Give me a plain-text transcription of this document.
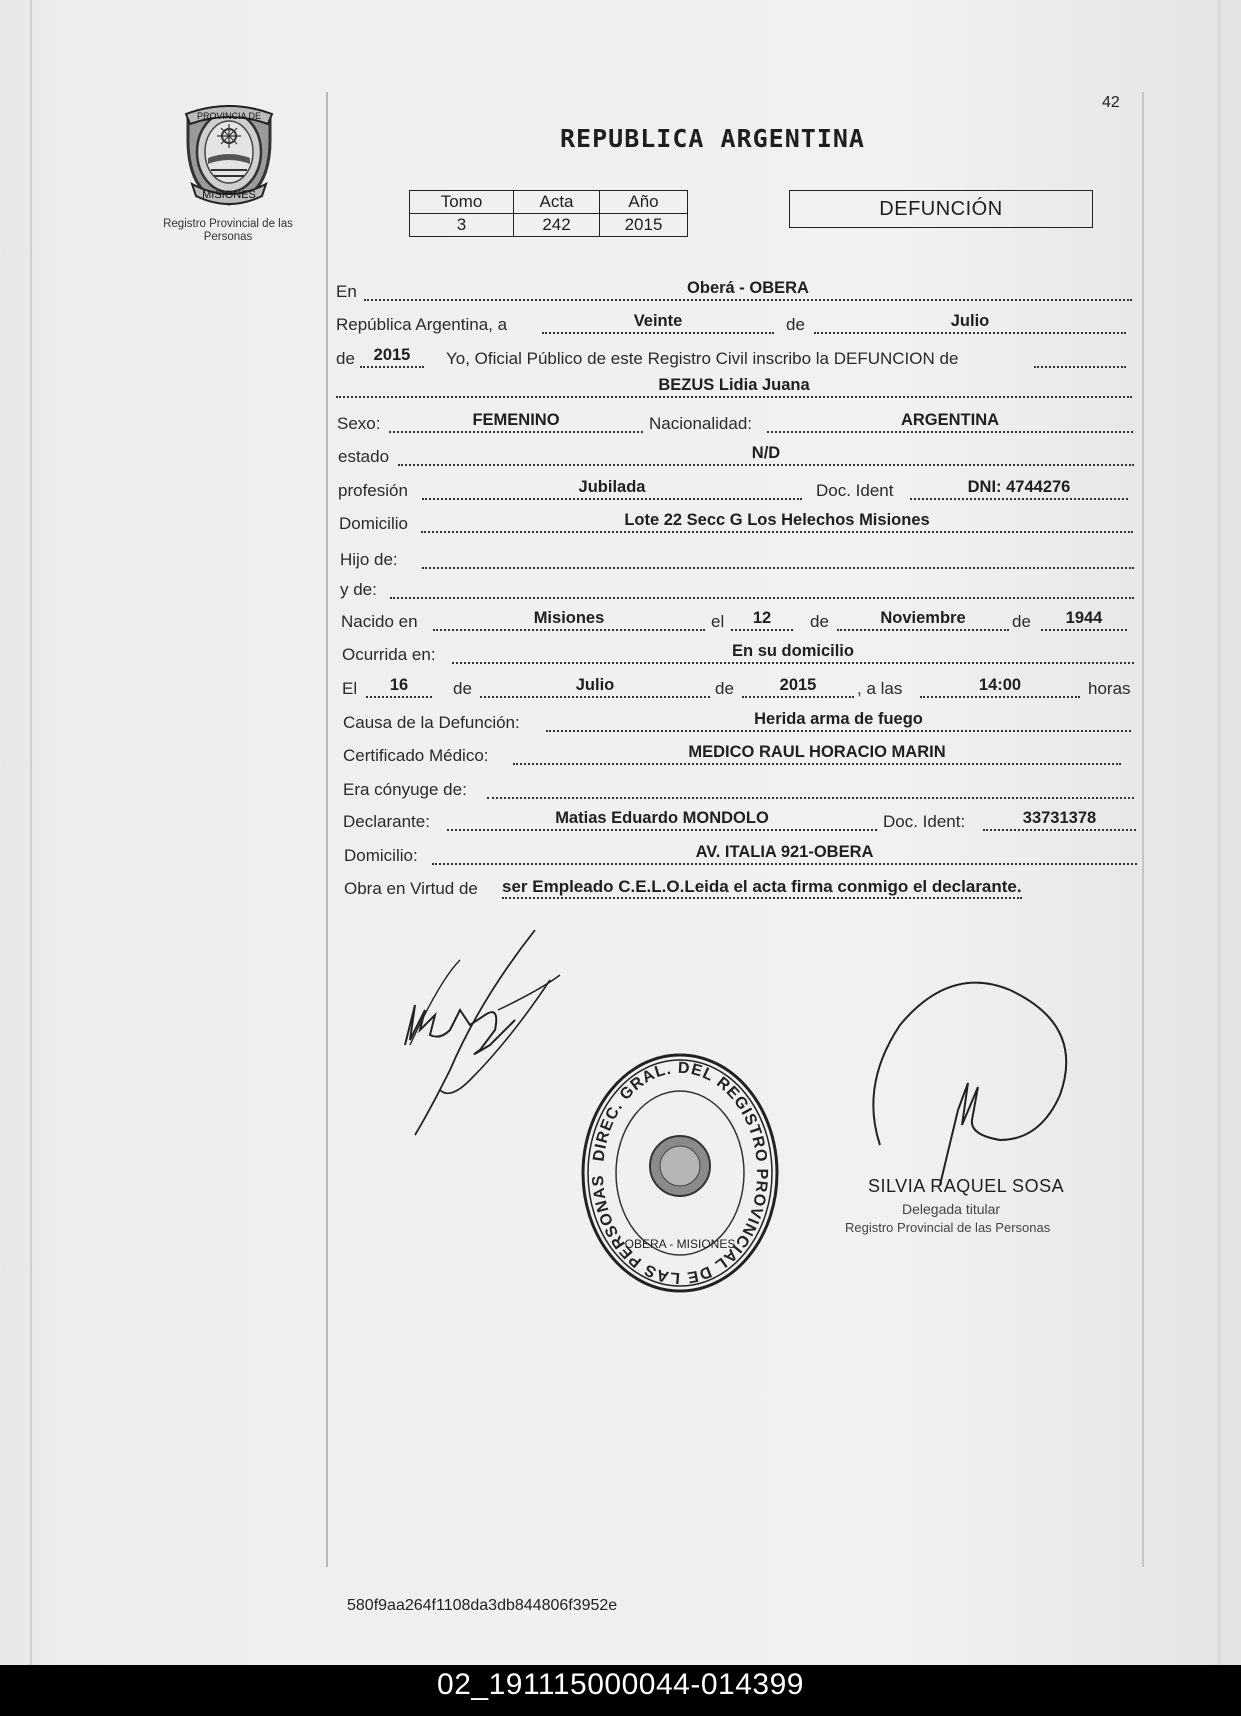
42
PROVINCIA DE
MISIONES
Registro Provincial de las Personas
REPUBLICA ARGENTINA
Tomo	Acta	Año
3	242	2015
DEFUNCIÓN
En	Oberá - OBERA
República Argentina, a	Veinte	de	Julio
de	2015	Yo, Oficial Público de este Registro Civil inscribo la DEFUNCION de
BEZUS Lidia Juana
Sexo:	FEMENINO	Nacionalidad:	ARGENTINA
estado	N/D
profesión	Jubilada	Doc. Ident	DNI: 4744276
Domicilio	Lote 22 Secc G Los Helechos Misiones
Hijo de:
y de:
Nacido en	Misiones	el	12	de	Noviembre	de	1944
Ocurrida en:	En su domicilio
El	16	de	Julio	de	2015	, a las	14:00	horas
Causa de la Defunción:	Herida arma de fuego
Certificado Médico:	MEDICO RAUL HORACIO MARIN
Era cónyuge de:
Declarante:	Matias Eduardo MONDOLO	Doc. Ident:	33731378
Domicilio:	AV. ITALIA 921-OBERA
Obra en Virtud de ser Empleado C.E.L.O.Leida el acta firma conmigo el declarante.
DIREC. GRAL. DEL REGISTRO PROVINCIAL DE LAS PERSONAS
OBERA - MISIONES
SILVIA RAQUEL SOSA
Delegada titular
Registro Provincial de las Personas
580f9aa264f1108da3db844806f3952e
02_191115000044-014399
